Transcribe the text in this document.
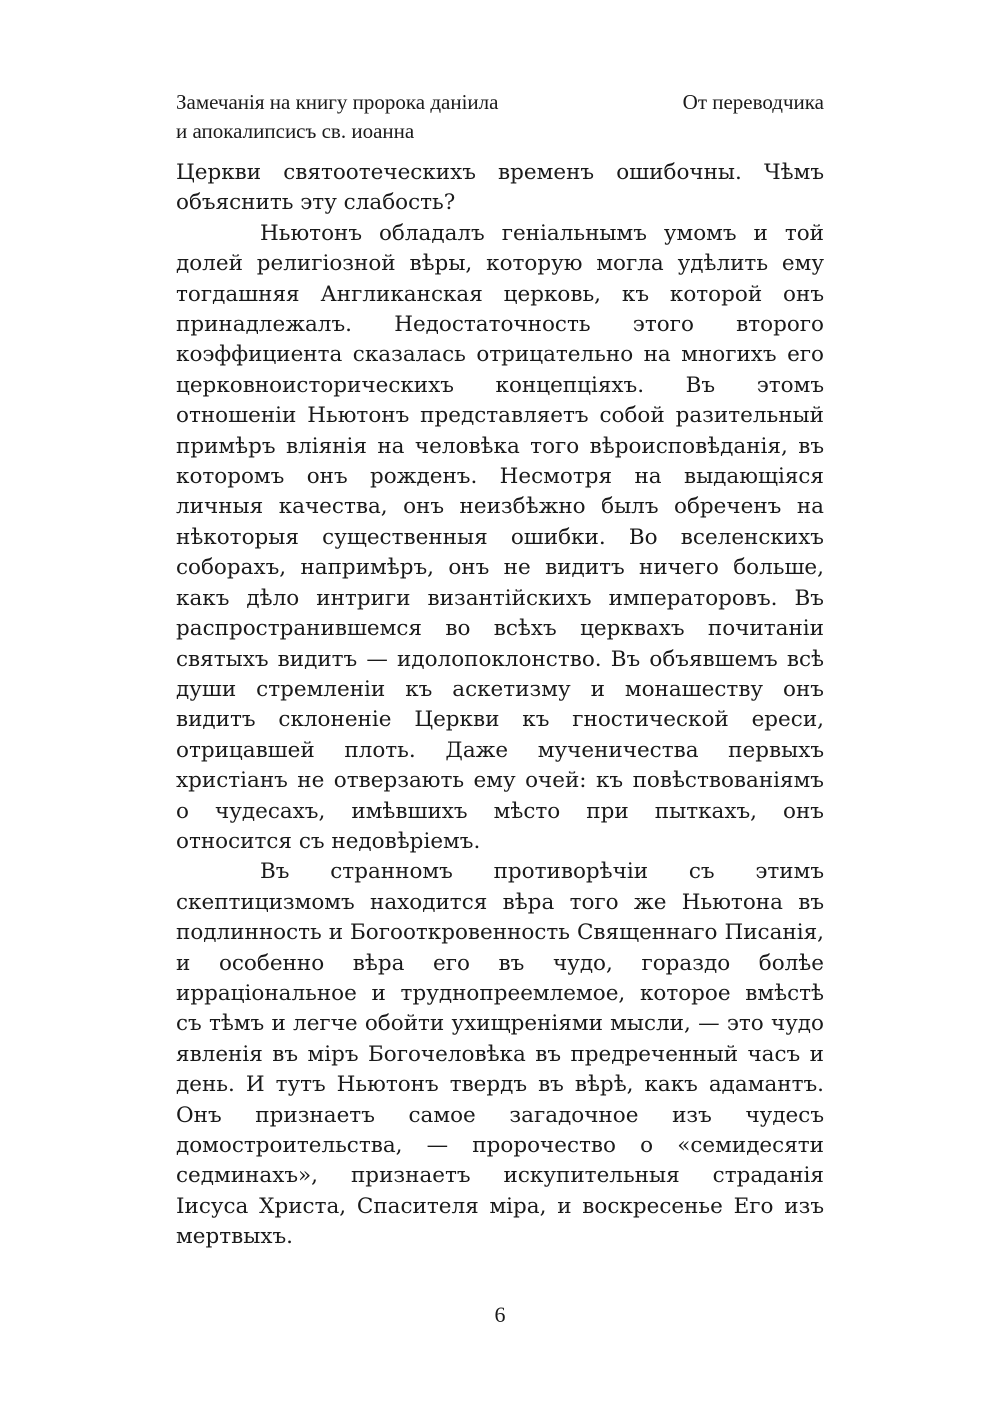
Замечанія на книгу пророка даніила
и апокалипсисъ св. иоанна
От переводчика

Церкви святоотеческихъ временъ ошибочны. Чѣмъ объяснить эту слабость?

Ньютонъ обладалъ геніальнымъ умомъ и той долей религіозной вѣры, которую могла удѣлить ему тогдашняя Англиканская церковь, къ которой онъ принадлежалъ. Недостаточность этого второго коэффициента сказалась отрицательно на многихъ его церковноисторическихъ концепціяхъ. Въ этомъ отношеніи Ньютонъ представляетъ собой разительный примѣръ вліянія на человѣка того вѣроисповѣданія, въ которомъ онъ рожденъ. Несмотря на выдающіяся личныя качества, онъ неизбѣжно былъ обреченъ на нѣкоторыя существенныя ошибки. Во вселенскихъ соборахъ, напримѣръ, онъ не видитъ ничего больше, какъ дѣло интриги византійскихъ императоровъ. Въ распространившемся во всѣхъ церквахъ почитаніи святыхъ видитъ — идолопоклонство. Въ объявшемъ всѣ души стремленіи къ аскетизму и монашеству онъ видитъ склоненіе Церкви къ гностической ереси, отрицавшей плоть. Даже мученичества первыхъ христіанъ не отверзають ему очей: къ повѣствованіямъ о чудесахъ, имѣвшихъ мѣсто при пыткахъ, онъ относится съ недовѣріемъ.

Въ странномъ противорѣчіи съ этимъ скептицизмомъ находится вѣра того же Ньютона въ подлинность и Богооткровенность Священнаго Писанія, и особенно вѣра его въ чудо, гораздо болѣе ирраціональное и труднопреемлемое, которое вмѣстѣ съ тѣмъ и легче обойти ухищреніями мысли, — это чудо явленія въ міръ Богочеловѣка въ предреченный часъ и день. И тутъ Ньютонъ твердъ въ вѣрѣ, какъ адамантъ. Онъ признаетъ самое загадочное изъ чудесъ домостроительства, — пророчество о «семидесяти седминахъ», признаетъ искупительныя страданія Іисуса Христа, Спасителя міра, и воскресенье Его изъ мертвыхъ.

6
